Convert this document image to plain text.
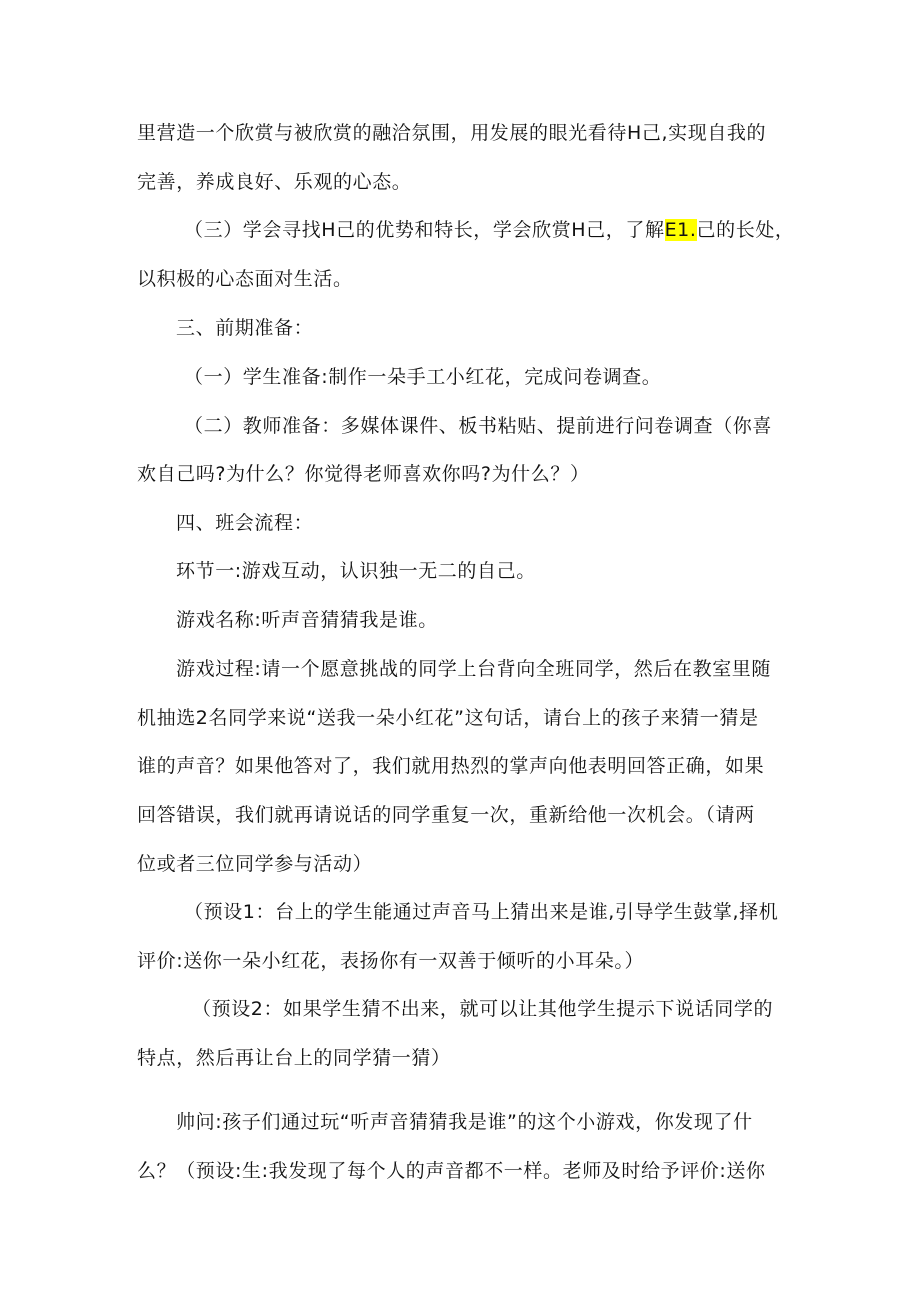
里营造一个欣赏与被欣赏的融洽氛围，用发展的眼光看待H己,实现自我的
完善，养成良好、乐观的心态。
（三）学会寻找H己的优势和特长，学会欣赏H己，了解E1.己的长处，
以积极的心态面对生活。
三、前期准备：
（一）学生准备:制作一朵手工小红花，完成问卷调查。
（二）教师准备：多媒体课件、板书粘贴、提前进行问卷调查（你喜
欢自己吗?为什么？你觉得老师喜欢你吗?为什么？）
四、班会流程：
环节一:游戏互动，认识独一无二的自己。
游戏名称:听声音猜猜我是谁。
游戏过程:请一个愿意挑战的同学上台背向全班同学，然后在教室里随
机抽选2名同学来说“送我一朵小红花”这句话，请台上的孩子来猜一猜是
谁的声音？如果他答对了，我们就用热烈的掌声向他表明回答正确，如果
回答错误，我们就再请说话的同学重复一次，重新给他一次机会。（请两
位或者三位同学参与活动）
（预设1：台上的学生能通过声音马上猜出来是谁,引导学生鼓掌,择机
评价:送你一朵小红花，表扬你有一双善于倾听的小耳朵。）
（预设2：如果学生猜不出来，就可以让其他学生提示下说话同学的
特点，然后再让台上的同学猜一猜）
帅问:孩子们通过玩“听声音猜猜我是谁”的这个小游戏，你发现了什
么？（预设:生:我发现了每个人的声音都不一样。老师及时给予评价:送你
